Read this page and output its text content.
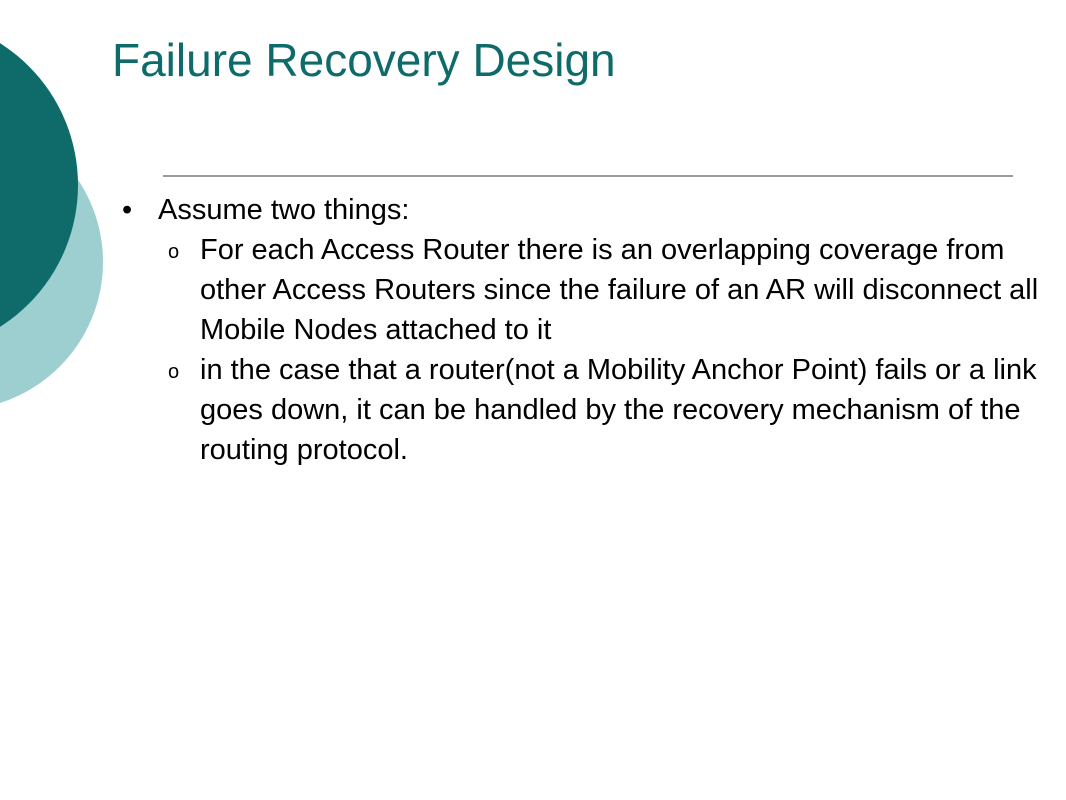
Failure Recovery Design
• Assume two things:
o For each Access Router there is an overlapping coverage from other Access Routers since the failure of an AR will disconnect all Mobile Nodes attached to it
o in the case that a router(not a Mobility Anchor Point) fails or a link goes down, it can be handled by the recovery mechanism of the routing protocol.
